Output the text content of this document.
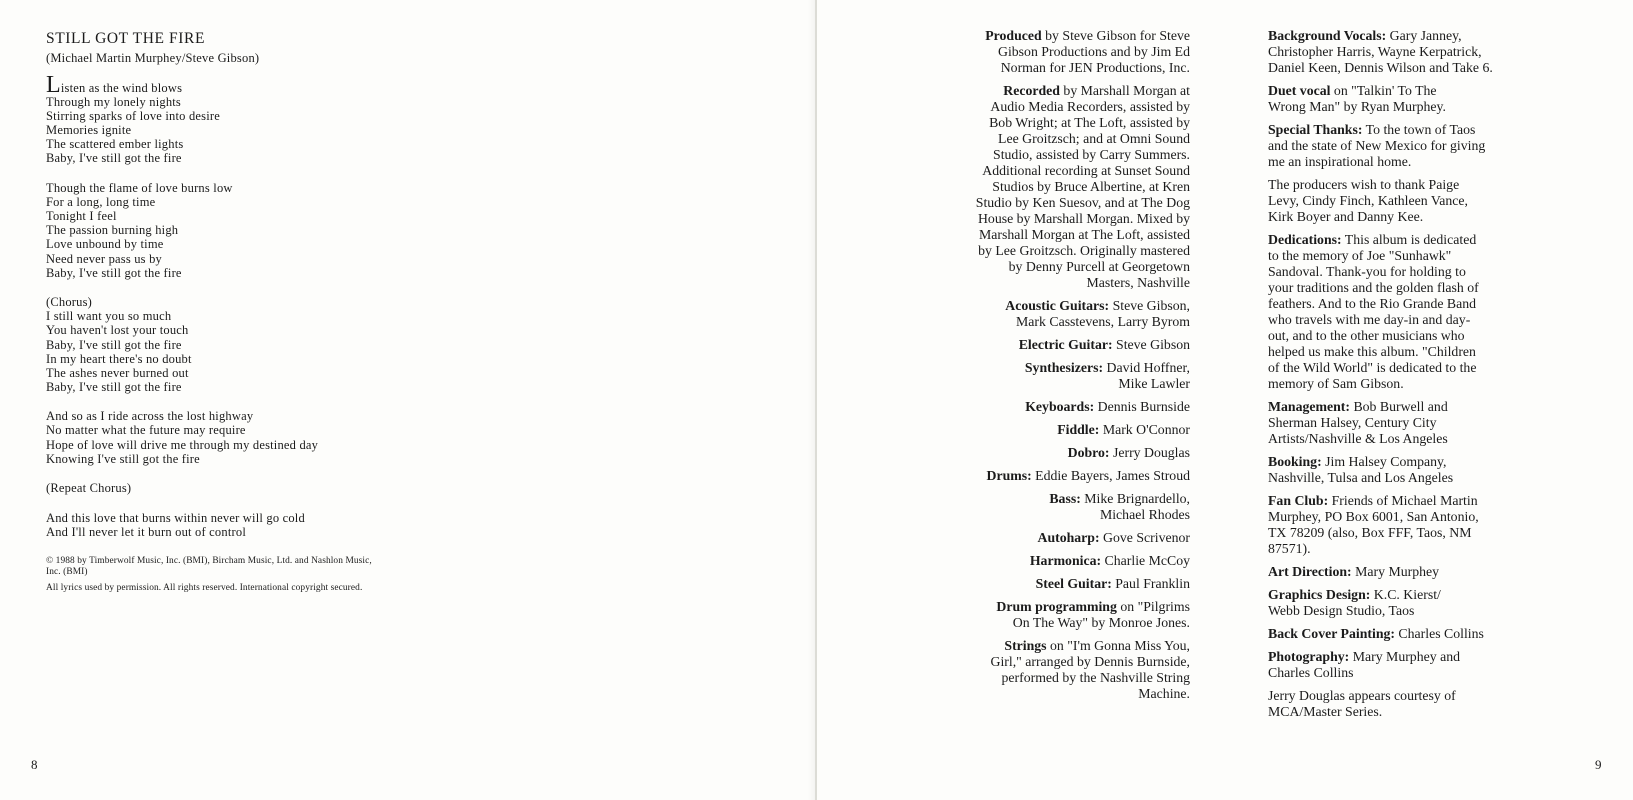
STILL GOT THE FIRE
(Michael Martin Murphey/Steve Gibson)
Listen as the wind blows
Through my lonely nights
Stirring sparks of love into desire
Memories ignite
The scattered ember lights
Baby, I've still got the fire
Though the flame of love burns low
For a long, long time
Tonight I feel
The passion burning high
Love unbound by time
Need never pass us by
Baby, I've still got the fire
(Chorus)
I still want you so much
You haven't lost your touch
Baby, I've still got the fire
In my heart there's no doubt
The ashes never burned out
Baby, I've still got the fire
And so as I ride across the lost highway
No matter what the future may require
Hope of love will drive me through my destined day
Knowing I've still got the fire
(Repeat Chorus)
And this love that burns within never will go cold
And I'll never let it burn out of control

© 1988 by Timberwolf Music, Inc. (BMI), Bircham Music, Ltd. and Nashlon Music, Inc. (BMI)

All lyrics used by permission. All rights reserved. International copyright secured.

8	9

Produced by Steve Gibson for Steve
Gibson Productions and by Jim Ed
Norman for JEN Productions, Inc.

Recorded by Marshall Morgan at
Audio Media Recorders, assisted by
Bob Wright; at The Loft, assisted by
Lee Groitzsch; and at Omni Sound
Studio, assisted by Carry Summers.
Additional recording at Sunset Sound
Studios by Bruce Albertine, at Kren
Studio by Ken Suesov, and at The Dog
House by Marshall Morgan. Mixed by
Marshall Morgan at The Loft, assisted
by Lee Groitzsch. Originally mastered
by Denny Purcell at Georgetown
Masters, Nashville

Acoustic Guitars: Steve Gibson,
Mark Casstevens, Larry Byrom

Electric Guitar: Steve Gibson

Synthesizers: David Hoffner,
Mike Lawler

Keyboards: Dennis Burnside

Fiddle: Mark O'Connor

Dobro: Jerry Douglas

Drums: Eddie Bayers, James Stroud

Bass: Mike Brignardello,
Michael Rhodes

Autoharp: Gove Scrivenor

Harmonica: Charlie McCoy

Steel Guitar: Paul Franklin

Drum programming on "Pilgrims
On The Way" by Monroe Jones.

Strings on "I'm Gonna Miss You,
Girl," arranged by Dennis Burnside,
performed by the Nashville String
Machine.

Background Vocals: Gary Janney,
Christopher Harris, Wayne Kerpatrick,
Daniel Keen, Dennis Wilson and Take 6.

Duet vocal on "Talkin' To The
Wrong Man" by Ryan Murphey.

Special Thanks: To the town of Taos
and the state of New Mexico for giving
me an inspirational home.

The producers wish to thank Paige
Levy, Cindy Finch, Kathleen Vance,
Kirk Boyer and Danny Kee.

Dedications: This album is dedicated
to the memory of Joe "Sunhawk"
Sandoval. Thank-you for holding to
your traditions and the golden flash of
feathers. And to the Rio Grande Band
who travels with me day-in and day-
out, and to the other musicians who
helped us make this album. "Children
of the Wild World" is dedicated to the
memory of Sam Gibson.

Management: Bob Burwell and
Sherman Halsey, Century City
Artists/Nashville & Los Angeles

Booking: Jim Halsey Company,
Nashville, Tulsa and Los Angeles

Fan Club: Friends of Michael Martin
Murphey, PO Box 6001, San Antonio,
TX 78209 (also, Box FFF, Taos, NM
87571).

Art Direction: Mary Murphey

Graphics Design: K.C. Kierst/
Webb Design Studio, Taos

Back Cover Painting: Charles Collins

Photography: Mary Murphey and
Charles Collins

Jerry Douglas appears courtesy of
MCA/Master Series.
